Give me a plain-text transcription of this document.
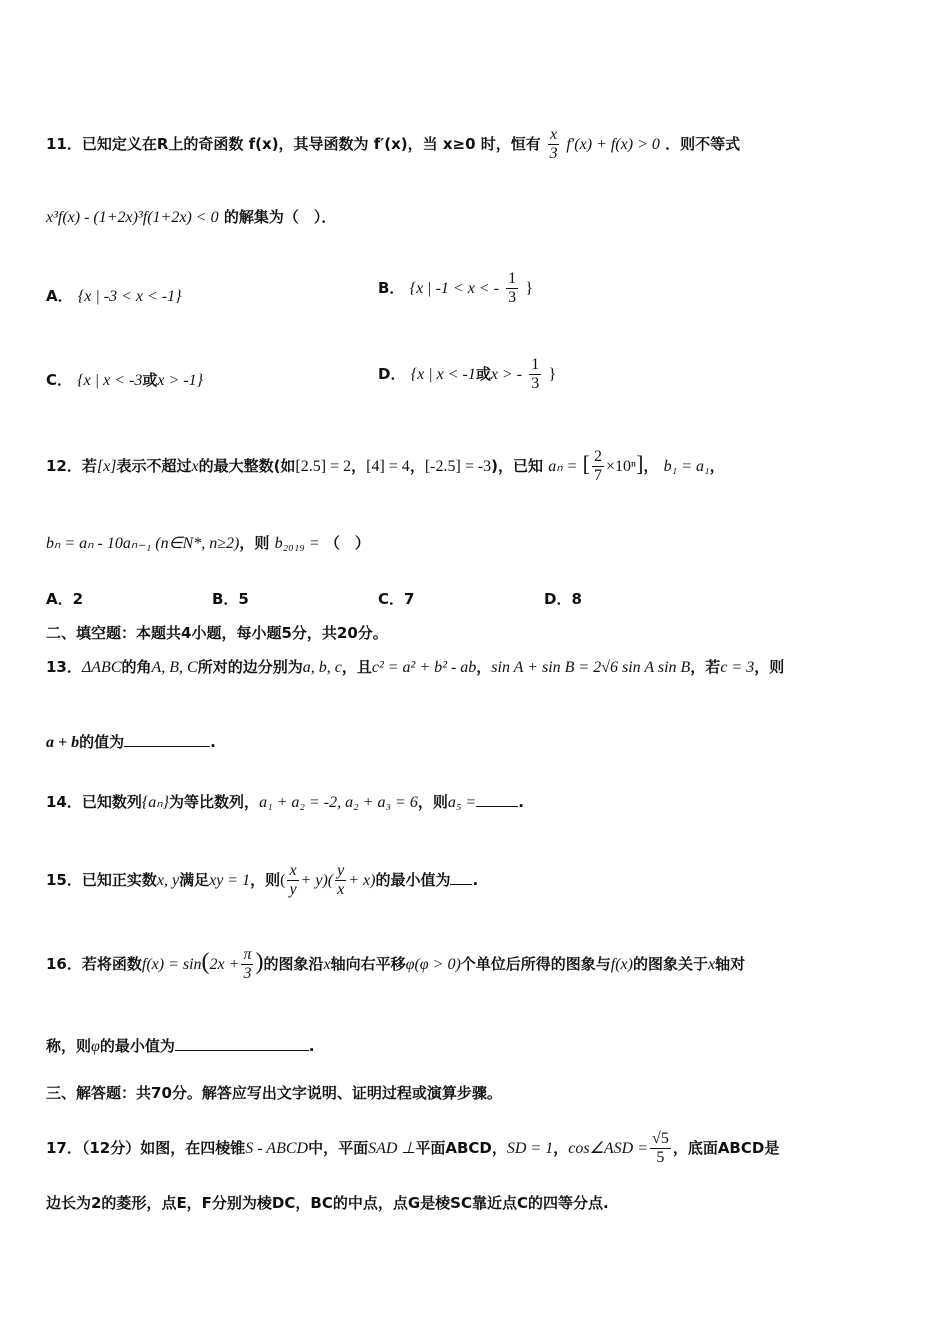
11．已知定义在R上的奇函数 f(x)，其导函数为 f′(x)，当 x≥0 时，恒有 $\frac{x}{3} f'(x) + f(x) > 0$ ．则不等式
x³f(x) - (1+2x)³f(1+2x) < 0 的解集为（　）．
A． {x | -3 < x < -1}	B． {x | -1 < x < - $\frac{1}{3}$ }
C． {x | x < -3或x > -1}	D． {x | x < -1或x > - $\frac{1}{3}$ }
12．若[x]表示不超过x的最大整数(如[2.5] = 2，[4] = 4，[-2.5] = -3)，已知 aₙ = [ $\frac{2}{7} \times 10^n$]， b₁ = a₁，
bₙ = aₙ - 10aₙ₋₁ (n∈N*, n≥2)，则 b₂₀₁₉ = （　）
A．2	B．5	C．7	D．8
二、填空题：本题共4小题，每小题5分，共20分。
13．ΔABC的角A, B, C所对的边分别为a, b, c，且c² = a² + b² - ab，sin A + sin B = 2√6 sin A sin B，若c = 3，则
a + b的值为	.
14．已知数列{aₙ}为等比数列，a₁ + a₂ = -2, a₂ + a₃ = 6，则a₅ =	.
15．已知正实数x, y满足xy = 1，则( $\frac{x}{y} + y)( \frac{y}{x} + x)$的最小值为 .
16．若将函数$f(x) = \sin(2x + \frac{\pi}{3}$ )的图象沿x轴向右平移φ(φ > 0)个单位后所得的图象与f(x)的图象关于x轴对
称，则φ的最小值为	.
三、解答题：共70分。解答应写出文字说明、证明过程或演算步骤。
17．（12分）如图，在四棱锥S - ABCD中，平面SAD ⊥平面ABCD，SD = 1，cos∠ASD = $\frac{√5}{5}$ ，底面ABCD是
边长为2的菱形，点E，F分别为棱DC，BC的中点，点G是棱SC靠近点C的四等分点.
